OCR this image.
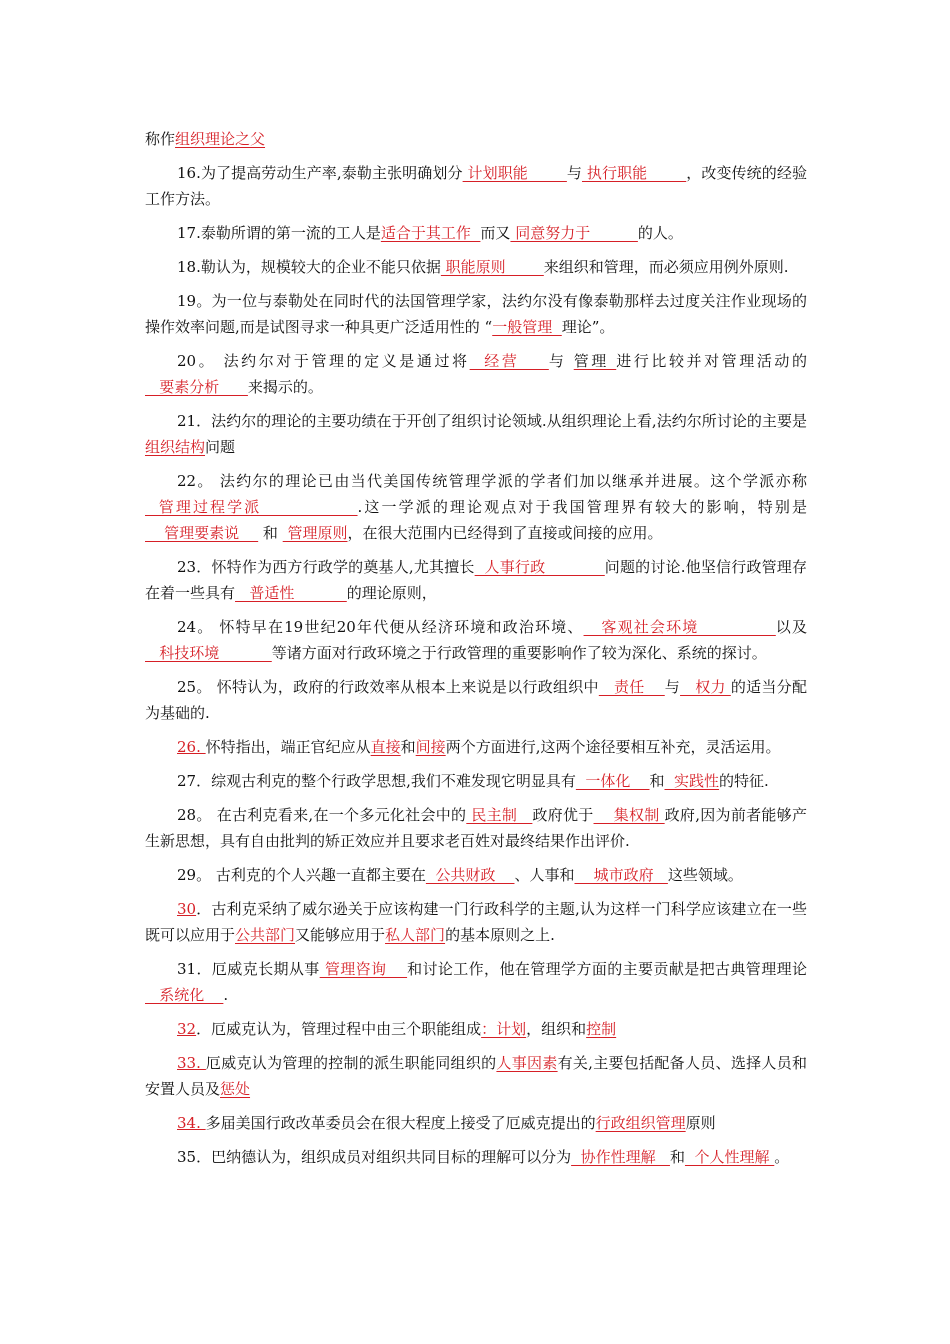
称作组织理论之父

16.为了提高劳动生产率,泰勒主张明确划分 计划职能        与 执行职能        ，改变传统的经验工作方法。

17.泰勒所谓的第一流的工人是适合于其工作  而又 同意努力于          的人。

18.勒认为，规模较大的企业不能只依据 职能原则        来组织和管理，而必须应用例外原则.

19。为一位与泰勒处在同时代的法国管理学家，法约尔没有像泰勒那样去过度关注作业现场的操作效率问题,而是试图寻求一种具更广泛适用性的 “一般管理  理论”。

20。 法约尔对于管理的定义是通过将  经营    与 管理 进行比较并对管理活动的   要素分析      来揭示的。

21．法约尔的理论的主要功绩在于开创了组织讨论领域.从组织理论上看,法约尔所讨论的主要是组织结构问题

22。 法约尔的理论已由当代美国传统管理学派的学者们加以继承并进展。这个学派亦称  管理过程学派              .这一学派的理论观点对于我国管理界有较大的影响，特别是    管理要素说     和  管理原则，在很大范围内已经得到了直接或间接的应用。

23．怀特作为西方行政学的奠基人,尤其擅长  人事行政            问题的讨论.他坚信行政管理存在着一些具有   普适性           的理论原则，

24。 怀特早在19世纪20年代便从经济环境和政治环境、   客观社会环境             以及   科技环境           等诸方面对行政环境之于行政管理的重要影响作了较为深化、系统的探讨。

25。 怀特认为，政府的行政效率从根本上来说是以行政组织中   责任    与   权力 的适当分配为基础的.

26. 怀特指出，端正官纪应从直接和间接两个方面进行,这两个途径要相互补充，灵活运用。

27．综观古利克的整个行政学思想,我们不难发现它明显具有  一体化    和  实践性的特征.

28。 在古利克看来,在一个多元化社会中的 民主制   政府优于    集权制 政府,因为前者能够产生新思想，具有自由批判的矫正效应并且要求老百姓对最终结果作出评价.

29。 古利克的个人兴趣一直都主要在  公共财政    、人事和    城市政府   这些领域。

30．古利克采纳了威尔逊关于应该构建一门行政科学的主题,认为这样一门科学应该建立在一些既可以应用于公共部门又能够应用于私人部门的基本原则之上.

31．厄威克长期从事 管理咨询    和讨论工作，他在管理学方面的主要贡献是把古典管理理论   系统化    .

32．厄威克认为，管理过程中由三个职能组成：计划，组织和控制

33. 厄威克认为管理的控制的派生职能同组织的人事因素有关,主要包括配备人员、选择人员和安置人员及惩处

34. 多届美国行政改革委员会在很大程度上接受了厄威克提出的行政组织管理原则

35．巴纳德认为，组织成员对组织共同目标的理解可以分为  协作性理解   和  个人性理解 。
